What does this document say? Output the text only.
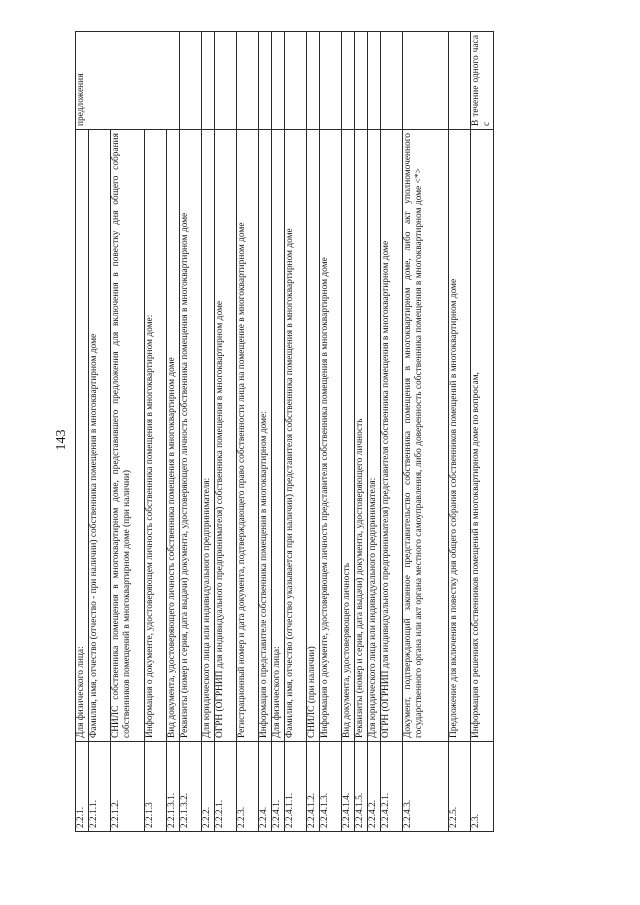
143
2.2.1.	Для физического лица:	предложения
2.2.1.1.	Фамилия, имя, отчество (отчество - при наличии) собственника помещения в многоквартирном доме	
2.2.1.2.	СНИЛС собственника помещения в многоквартирном доме, представившего предложения для включения в повестку дня общего собрания собственников помещений в многоквартирном доме (при наличии)	
2.2.1.3	Информация о документе, удостоверяющем личность собственника помещения в многоквартирном доме:	
2.2.1.3.1.	Вид документа, удостоверяющего личность собственника помещения в многоквартирном доме	
2.2.1.3.2.	Реквизиты (номер и серия, дата выдачи) документа, удостоверяющего личность собственника помещения в многоквартирном доме	
2.2.2.	Для юридического лица или индивидуального предпринимателя:	
2.2.2.1.	ОГРН (ОГРНИП для индивидуального предпринимателя) собственника помещения в многоквартирном доме	
2.2.3.	Регистрационный номер и дата документа, подтверждающего право собственности лица на помещение в многоквартирном доме	
2.2.4.	Информация о представителе собственника помещения в многоквартирном доме:	
2.2.4.1.	Для физического лица:	
2.2.4.1.1.	Фамилия, имя, отчество (отчество указывается при наличии) представителя собственника помещения в многоквартирном доме	
2.2.4.1.2.	СНИЛС (при наличии)	
2.2.4.1.3.	Информация о документе, удостоверяющем личность представителя собственника помещения в многоквартирном доме	
2.2.4.1.4.	Вид документа, удостоверяющего личность	
2.2.4.1.5.	Реквизиты (номер и серия, дата выдачи) документа, удостоверяющего личность	
2.2.4.2.	Для юридического лица или индивидуального предпринимателя:	
2.2.4.2.1.	ОГРН (ОГРНИП для индивидуального предпринимателя) представителя собственника помещения в многоквартирном доме	
2.2.4.3.	Документ, подтверждающий законное представительство собственника помещения в многоквартирном доме, либо акт уполномоченного государственного органа или акт органа местного самоуправления, либо доверенность собственника помещения в многоквартирном доме <*>	
2.2.5.	Предложение для включения в повестку дня общего собрания собственников помещений в многоквартирном доме	
2.3.	Информация о решениях собственников помещений в многоквартирном доме по вопросам,	В течение одного часа с
